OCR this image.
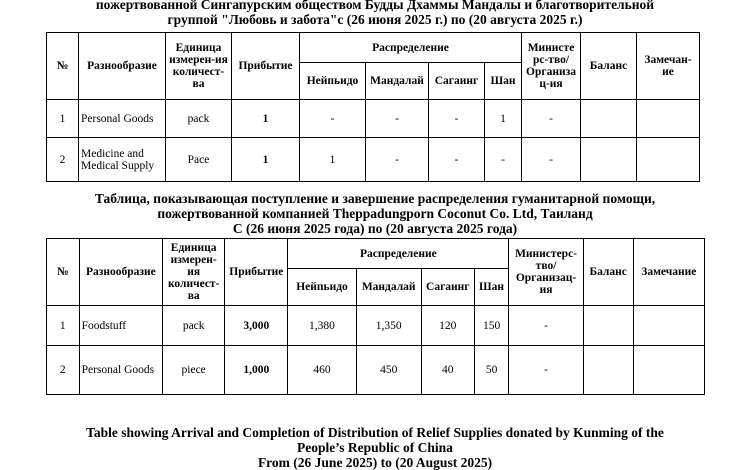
пожертвованной Сингапурским обществом Будды Дхаммы Мандалы и благотворительной
группой "Любовь и забота"с (26 июня 2025 г.) по (20 августа 2025 г.)
№	Разнообразие	Единица измерен-ия количест-ва	Прибытие	Распределение				Министе рс-тво/ Организа ц-ия	Баланс	Замечан-ие
				Нейпьидо	Мандалай	Сагаинг	Шан			
1	Personal Goods	pack	1	-	-	-	1	-		
2	Medicine and Medical Supply	Pace	1	1	-	-	-	-		
Таблица, показывающая поступление и завершение распределения гуманитарной помощи,
пожертвованной компанией Theppadungporn Coconut Co. Ltd, Таиланд
С (26 июня 2025 года) по (20 августа 2025 года)
№	Разнообразие	Единица измерен-ия количест-ва	Прибытие	Распределение				Министерс-тво/ Организац-ия	Баланс	Замечание
				Нейпьидо	Мандалай	Сагаинг	Шан			
1	Foodstuff	pack	3,000	1,380	1,350	120	150	-		
2	Personal Goods	piece	1,000	460	450	40	50	-		
Table showing Arrival and Completion of Distribution of Relief Supplies donated by Kunming of the
People’s Republic of China
From (26 June 2025) to (20 August 2025)
